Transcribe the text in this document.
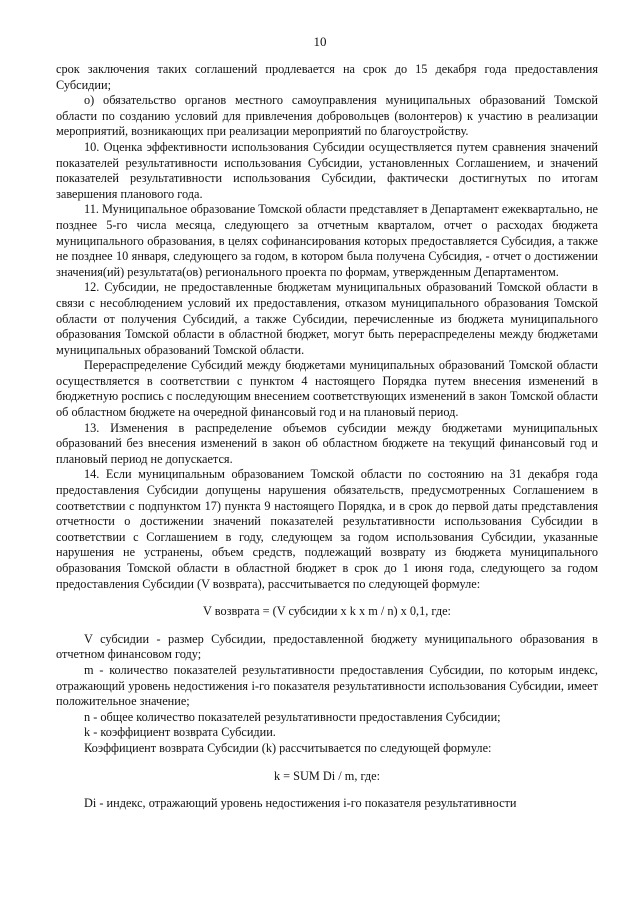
10

срок заключения таких соглашений продлевается на срок до 15 декабря года предоставления Субсидии;

о) обязательство органов местного самоуправления муниципальных образований Томской области по созданию условий для привлечения добровольцев (волонтеров) к участию в реализации мероприятий, возникающих при реализации мероприятий по благоустройству.

10. Оценка эффективности использования Субсидии осуществляется путем сравнения значений показателей результативности использования Субсидии, установленных Соглашением, и значений показателей результативности использования Субсидии, фактически достигнутых по итогам завершения планового года.

11. Муниципальное образование Томской области представляет в Департамент ежеквартально, не позднее 5-го числа месяца, следующего за отчетным кварталом, отчет о расходах бюджета муниципального образования, в целях софинансирования которых предоставляется Субсидия, а также не позднее 10 января, следующего за годом, в котором была получена Субсидия, - отчет о достижении значения(ий) результата(ов) регионального проекта по формам, утвержденным Департаментом.

12. Субсидии, не предоставленные бюджетам муниципальных образований Томской области в связи с несоблюдением условий их предоставления, отказом муниципального образования Томской области от получения Субсидий, а также Субсидии, перечисленные из бюджета муниципального образования Томской области в областной бюджет, могут быть перераспределены между бюджетами муниципальных образований Томской области.

Перераспределение Субсидий между бюджетами муниципальных образований Томской области осуществляется в соответствии с пунктом 4 настоящего Порядка путем внесения изменений в бюджетную роспись с последующим внесением соответствующих изменений в закон Томской области об областном бюджете на очередной финансовый год и на плановый период.

13. Изменения в распределение объемов субсидии между бюджетами муниципальных образований без внесения изменений в закон об областном бюджете на текущий финансовый год и плановый период не допускается.

14. Если муниципальным образованием Томской области по состоянию на 31 декабря года предоставления Субсидии допущены нарушения обязательств, предусмотренных Соглашением в соответствии с подпунктом 17) пункта 9 настоящего Порядка, и в срок до первой даты представления отчетности о достижении значений показателей результативности использования Субсидии в соответствии с Соглашением в году, следующем за годом использования Субсидии, указанные нарушения не устранены, объем средств, подлежащий возврату из бюджета муниципального образования Томской области в областной бюджет в срок до 1 июня года, следующего за годом предоставления Субсидии (V возврата), рассчитывается по следующей формуле:

V возврата = (V субсидии x k x m / n) x 0,1, где:

V субсидии - размер Субсидии, предоставленной бюджету муниципального образования в отчетном финансовом году;

m - количество показателей результативности предоставления Субсидии, по которым индекс, отражающий уровень недостижения i-го показателя результативности использования Субсидии, имеет положительное значение;

n - общее количество показателей результативности предоставления Субсидии;

k - коэффициент возврата Субсидии.

Коэффициент возврата Субсидии (k) рассчитывается по следующей формуле:

k = SUM Di / m, где:

Di - индекс, отражающий уровень недостижения i-го показателя результативности
